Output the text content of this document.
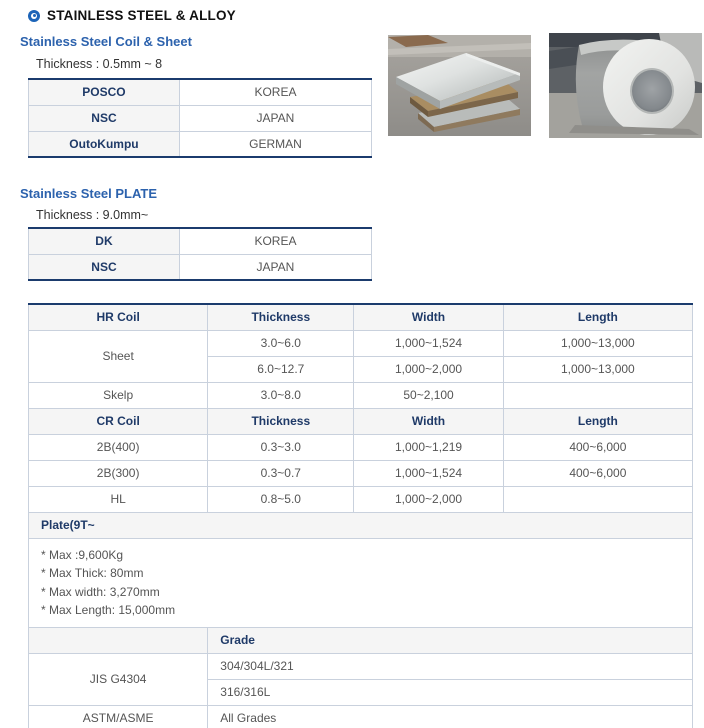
STAINLESS STEEL & ALLOY
Stainless Steel Coil & Sheet
Thickness : 0.5mm ~ 8
POSCO	KOREA
NSC	JAPAN
OutoKumpu	GERMAN
Stainless Steel PLATE
Thickness : 9.0mm~
DK	KOREA
NSC	JAPAN
HR Coil	Thickness	Width	Length
Sheet	3.0~6.0	1,000~1,524	1,000~13,000
	6.0~12.7	1,000~2,000	1,000~13,000
Skelp	3.0~8.0	50~2,100	
CR Coil	Thickness	Width	Length
2B(400)	0.3~3.0	1,000~1,219	400~6,000
2B(300)	0.3~0.7	1,000~1,524	400~6,000
HL	0.8~5.0	1,000~2,000	
Plate(9T~			

* Max :9,600Kg
* Max Thick: 80mm
* Max width: 3,270mm
* Max Length: 15,000mm			

	Grade		
JIS G4304	304/304L/321		
	316/316L		
ASTM/ASME	All Grades		
